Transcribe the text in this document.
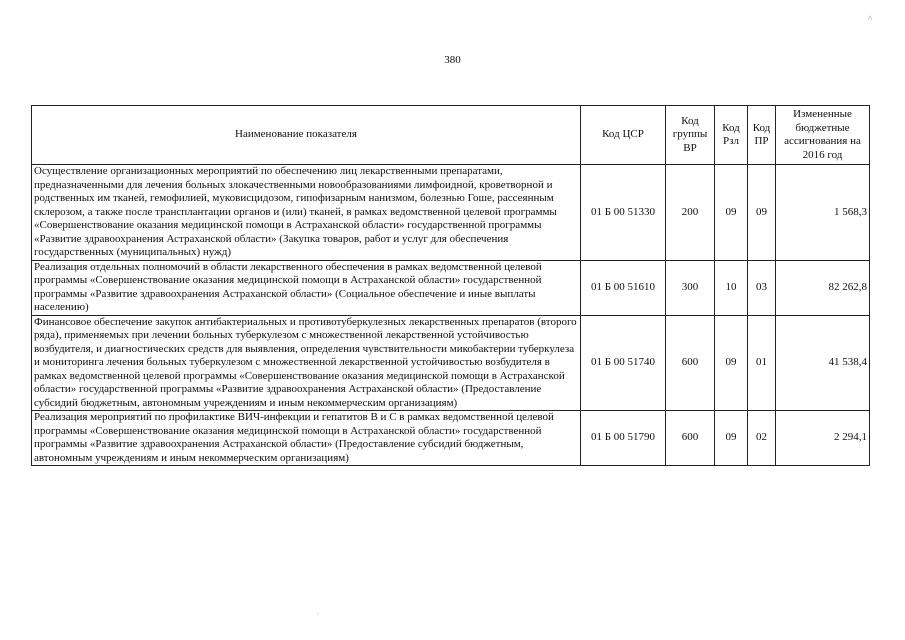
^
380
Наименование показателя	Код ЦСР	Код группы ВР	Код Рзл	Код ПР	Измененные бюджетные ассигнования на 2016 год
Осуществление организационных мероприятий по обеспечению лиц лекарственными препаратами, предназначенными для лечения больных злокачественными новообразованиями лимфоидной, кроветворной и родственных им тканей, гемофилией, муковисцидозом, гипофизарным нанизмом, болезнью Гоше, рассеянным склерозом, а также после трансплантации органов и (или) тканей, в рамках ведомственной целевой программы «Совершенствование оказания медицинской помощи в Астраханской области» государственной программы «Развитие здравоохранения Астраханской области» (Закупка товаров, работ и услуг для обеспечения государственных (муниципальных) нужд)	01 Б 00 51330	200	09	09	1 568,3
Реализация отдельных полномочий в области лекарственного обеспечения в рамках ведомственной целевой программы «Совершенствование оказания медицинской помощи в Астраханской области» государственной программы «Развитие здравоохранения Астраханской области» (Социальное обеспечение и иные выплаты населению)	01 Б 00 51610	300	10	03	82 262,8
Финансовое обеспечение закупок антибактериальных и противотуберкулезных лекарственных препаратов (второго ряда), применяемых при лечении больных туберкулезом с множественной лекарственной устойчивостью возбудителя, и диагностических средств для выявления, определения чувствительности микобактерии туберкулеза и мониторинга лечения больных туберкулезом с множественной лекарственной устойчивостью возбудителя в рамках ведомственной целевой программы «Совершенствование оказания медицинской помощи в Астраханской области» государственной программы «Развитие здравоохранения Астраханской области» (Предоставление субсидий бюджетным, автономным учреждениям и иным некоммерческим организациям)	01 Б 00 51740	600	09	01	41 538,4
Реализация мероприятий по профилактике ВИЧ-инфекции и гепатитов В и С в рамках ведомственной целевой программы «Совершенствование оказания медицинской помощи в Астраханской области» государственной программы «Развитие здравоохранения Астраханской области» (Предоставление субсидий бюджетным, автономным учреждениям и иным некоммерческим организациям)	01 Б 00 51790	600	09	02	2 294,1
·
